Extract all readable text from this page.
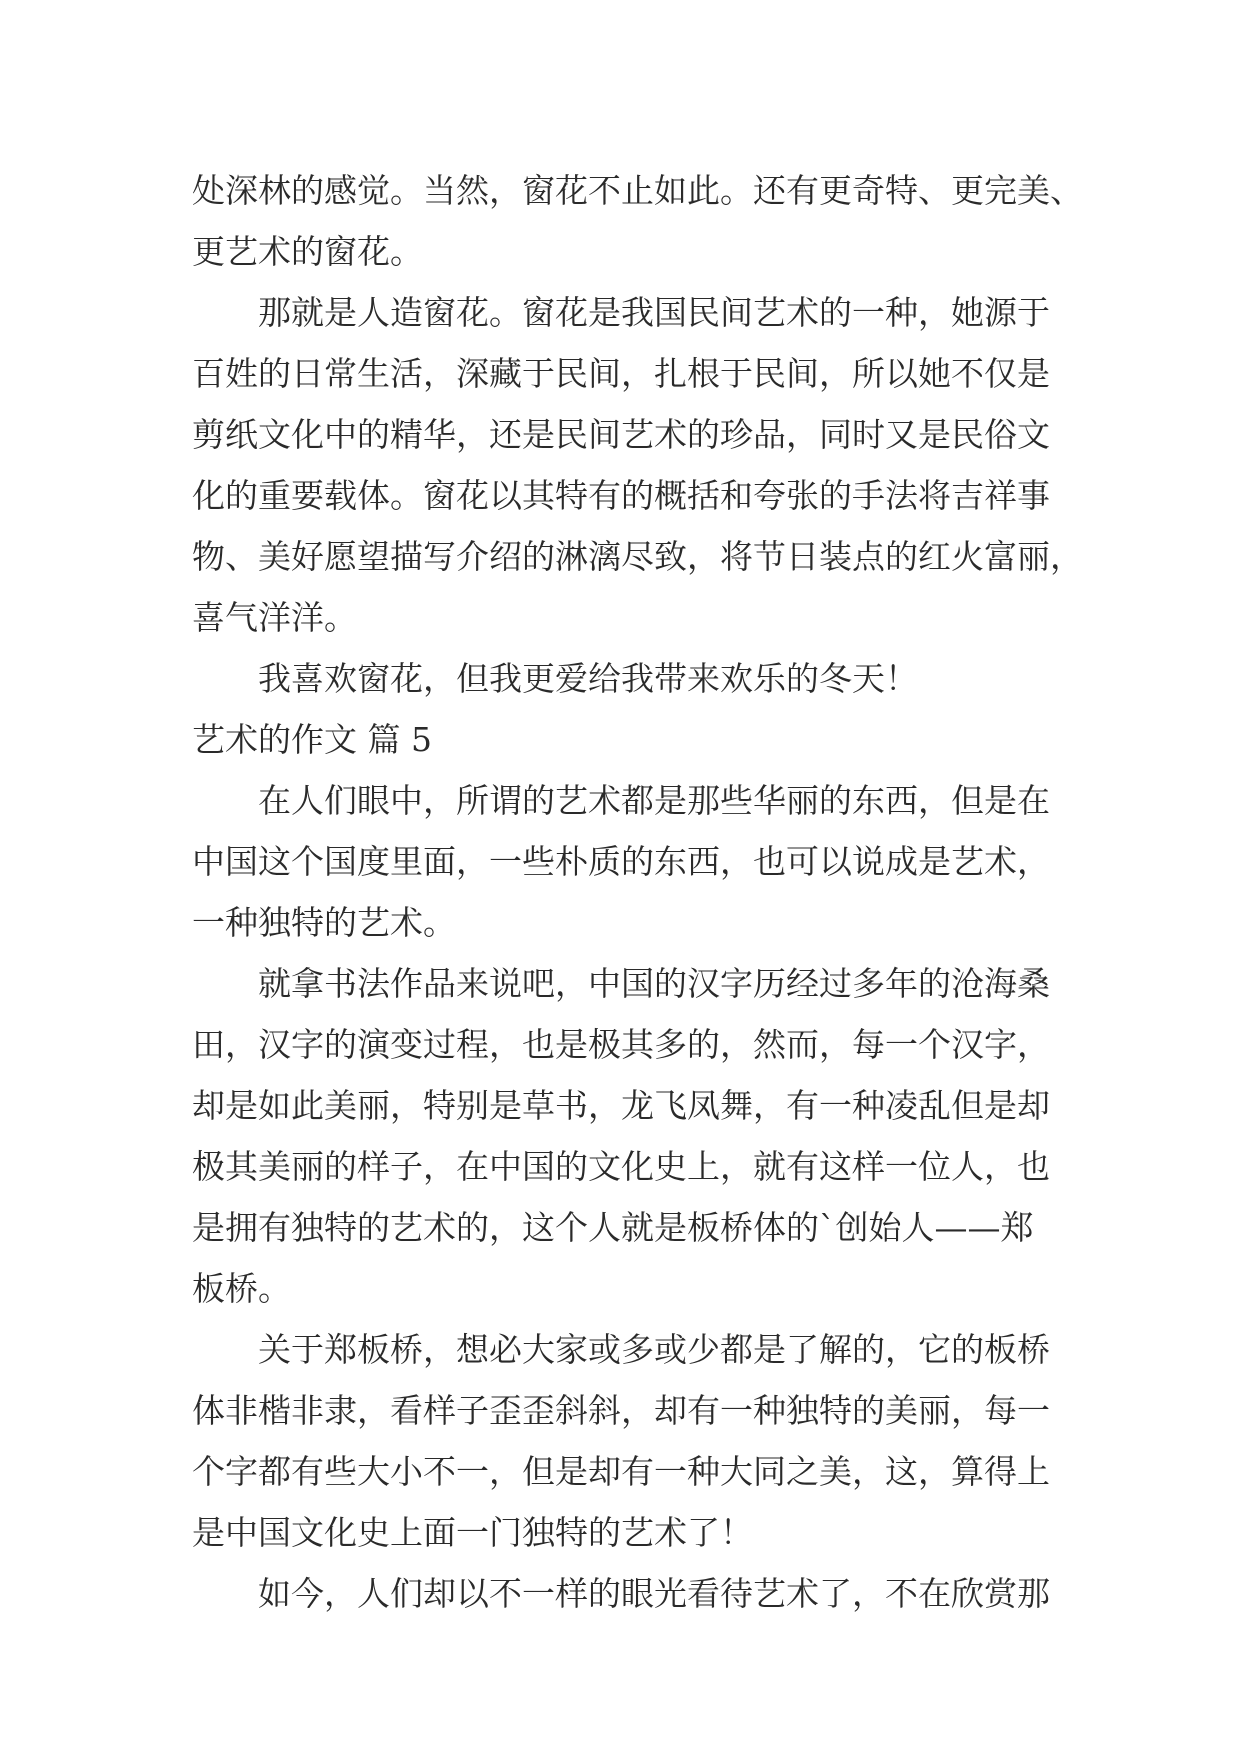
处深林的感觉。当然，窗花不止如此。还有更奇特、更完美、
更艺术的窗花。
那就是人造窗花。窗花是我国民间艺术的一种，她源于
百姓的日常生活，深藏于民间，扎根于民间，所以她不仅是
剪纸文化中的精华，还是民间艺术的珍品，同时又是民俗文
化的重要载体。窗花以其特有的概括和夸张的手法将吉祥事
物、美好愿望描写介绍的淋漓尽致，将节日装点的红火富丽，
喜气洋洋。
我喜欢窗花，但我更爱给我带来欢乐的冬天！
艺术的作文 篇 5
在人们眼中，所谓的艺术都是那些华丽的东西，但是在
中国这个国度里面，一些朴质的东西，也可以说成是艺术，
一种独特的艺术。
就拿书法作品来说吧，中国的汉字历经过多年的沧海桑
田，汉字的演变过程，也是极其多的，然而，每一个汉字，
却是如此美丽，特别是草书，龙飞凤舞，有一种凌乱但是却
极其美丽的样子，在中国的文化史上，就有这样一位人，也
是拥有独特的艺术的，这个人就是板桥体的`创始人——郑
板桥。
关于郑板桥，想必大家或多或少都是了解的，它的板桥
体非楷非隶，看样子歪歪斜斜，却有一种独特的美丽，每一
个字都有些大小不一，但是却有一种大同之美，这，算得上
是中国文化史上面一门独特的艺术了！
如今，人们却以不一样的眼光看待艺术了，不在欣赏那
